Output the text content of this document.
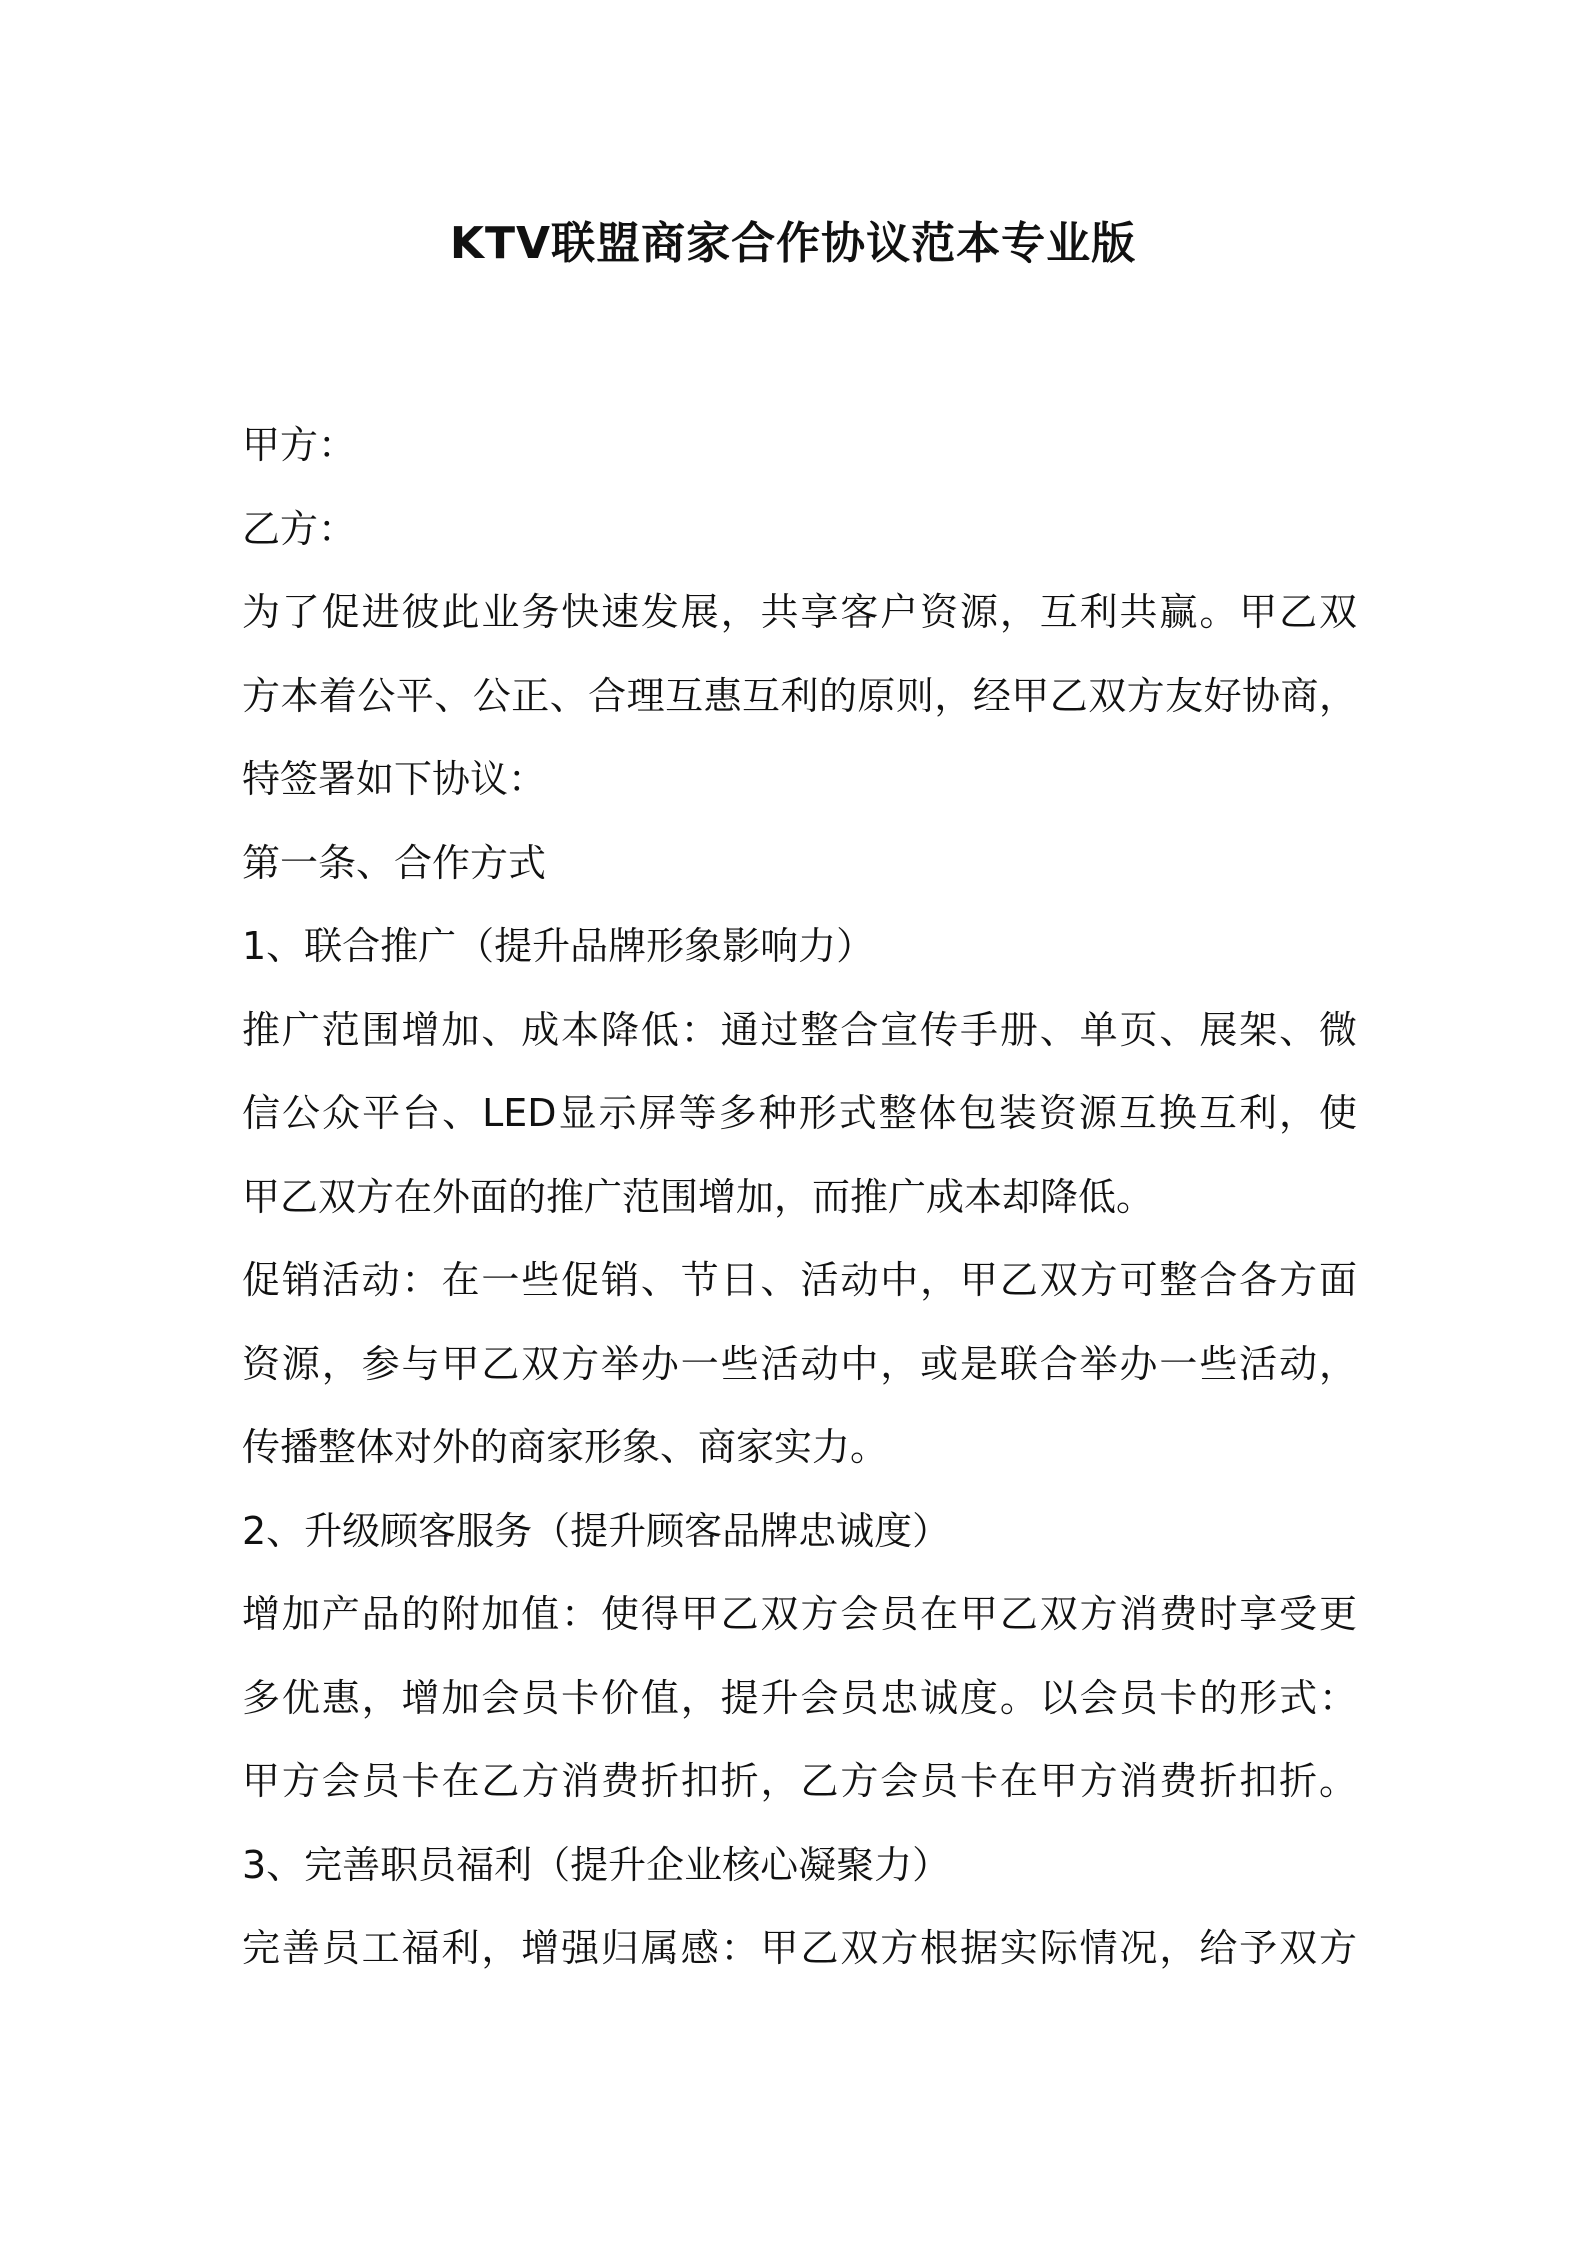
KTV联盟商家合作协议范本专业版
甲方：
乙方：
为了促进彼此业务快速发展，共享客户资源，互利共赢。甲乙双
方本着公平、公正、合理互惠互利的原则，经甲乙双方友好协商，
特签署如下协议：
第一条、合作方式
1、联合推广（提升品牌形象影响力）
推广范围增加、成本降低：通过整合宣传手册、单页、展架、微
信公众平台、LED显示屏等多种形式整体包装资源互换互利，使
甲乙双方在外面的推广范围增加，而推广成本却降低。
促销活动：在一些促销、节日、活动中，甲乙双方可整合各方面
资源，参与甲乙双方举办一些活动中，或是联合举办一些活动，
传播整体对外的商家形象、商家实力。
2、升级顾客服务（提升顾客品牌忠诚度）
增加产品的附加值：使得甲乙双方会员在甲乙双方消费时享受更
多优惠，增加会员卡价值，提升会员忠诚度。以会员卡的形式：
甲方会员卡在乙方消费折扣折，乙方会员卡在甲方消费折扣折。
3、完善职员福利（提升企业核心凝聚力）
完善员工福利，增强归属感：甲乙双方根据实际情况，给予双方
